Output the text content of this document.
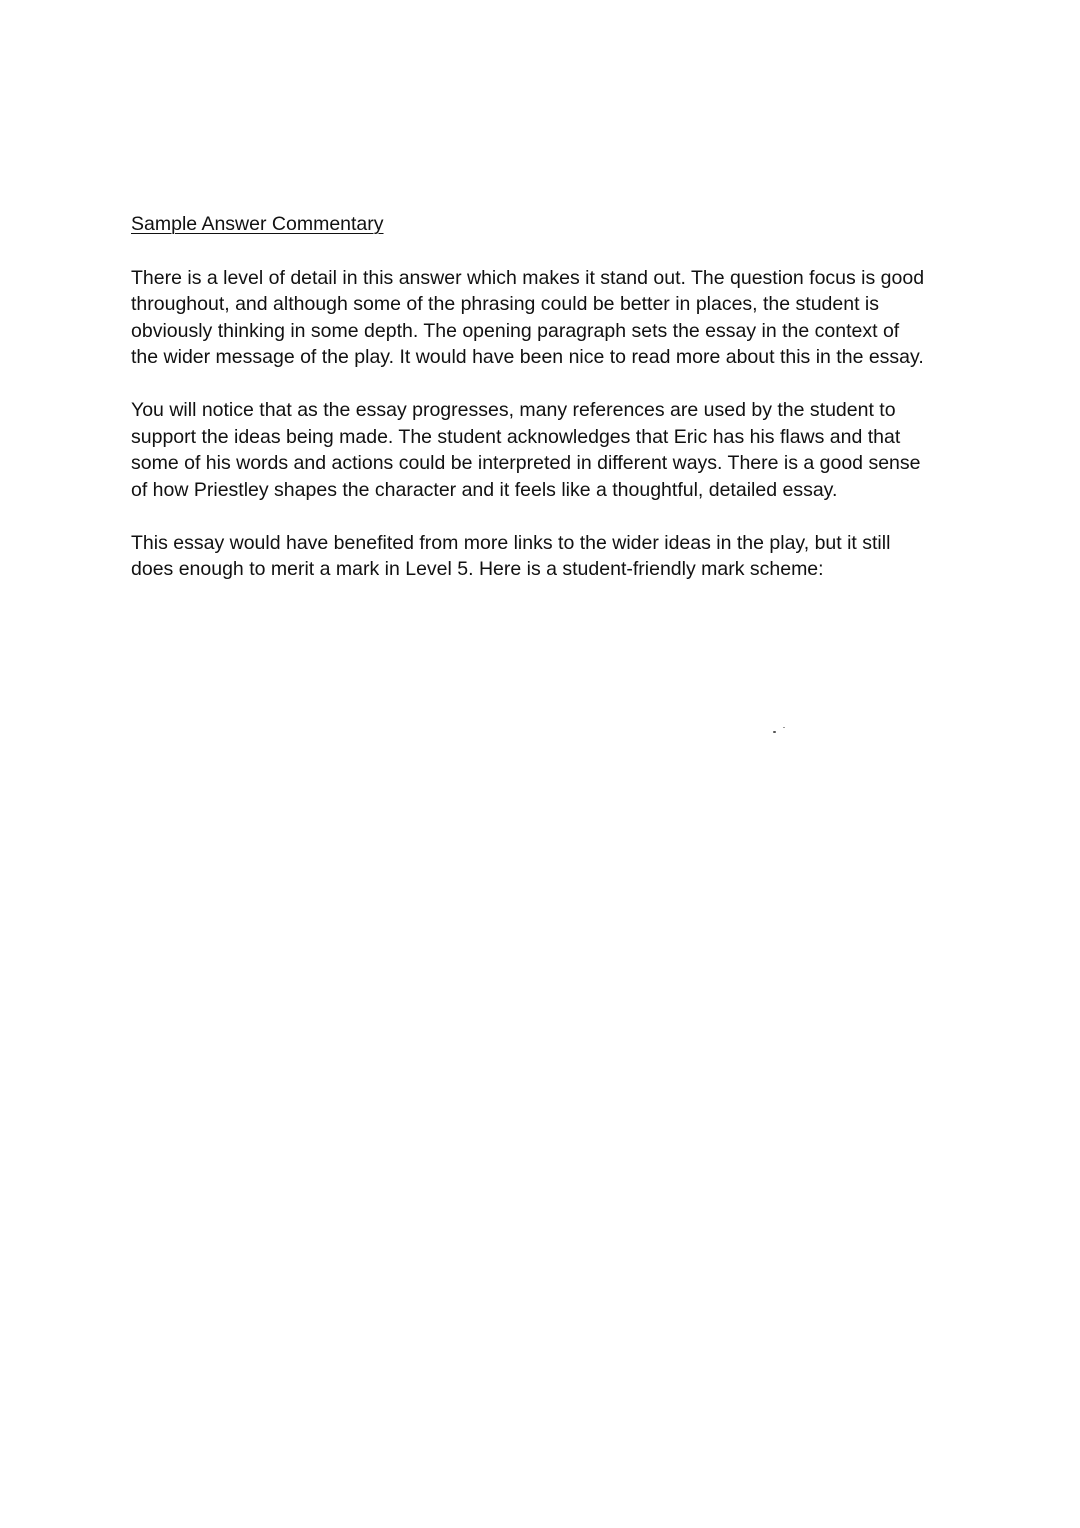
Sample Answer Commentary

There is a level of detail in this answer which makes it stand out. The question focus is good
throughout, and although some of the phrasing could be better in places, the student is
obviously thinking in some depth. The opening paragraph sets the essay in the context of
the wider message of the play. It would have been nice to read more about this in the essay.

You will notice that as the essay progresses, many references are used by the student to
support the ideas being made. The student acknowledges that Eric has his flaws and that
some of his words and actions could be interpreted in different ways. There is a good sense
of how Priestley shapes the character and it feels like a thoughtful, detailed essay.

This essay would have benefited from more links to the wider ideas in the play, but it still
does enough to merit a mark in Level 5. Here is a student-friendly mark scheme:
